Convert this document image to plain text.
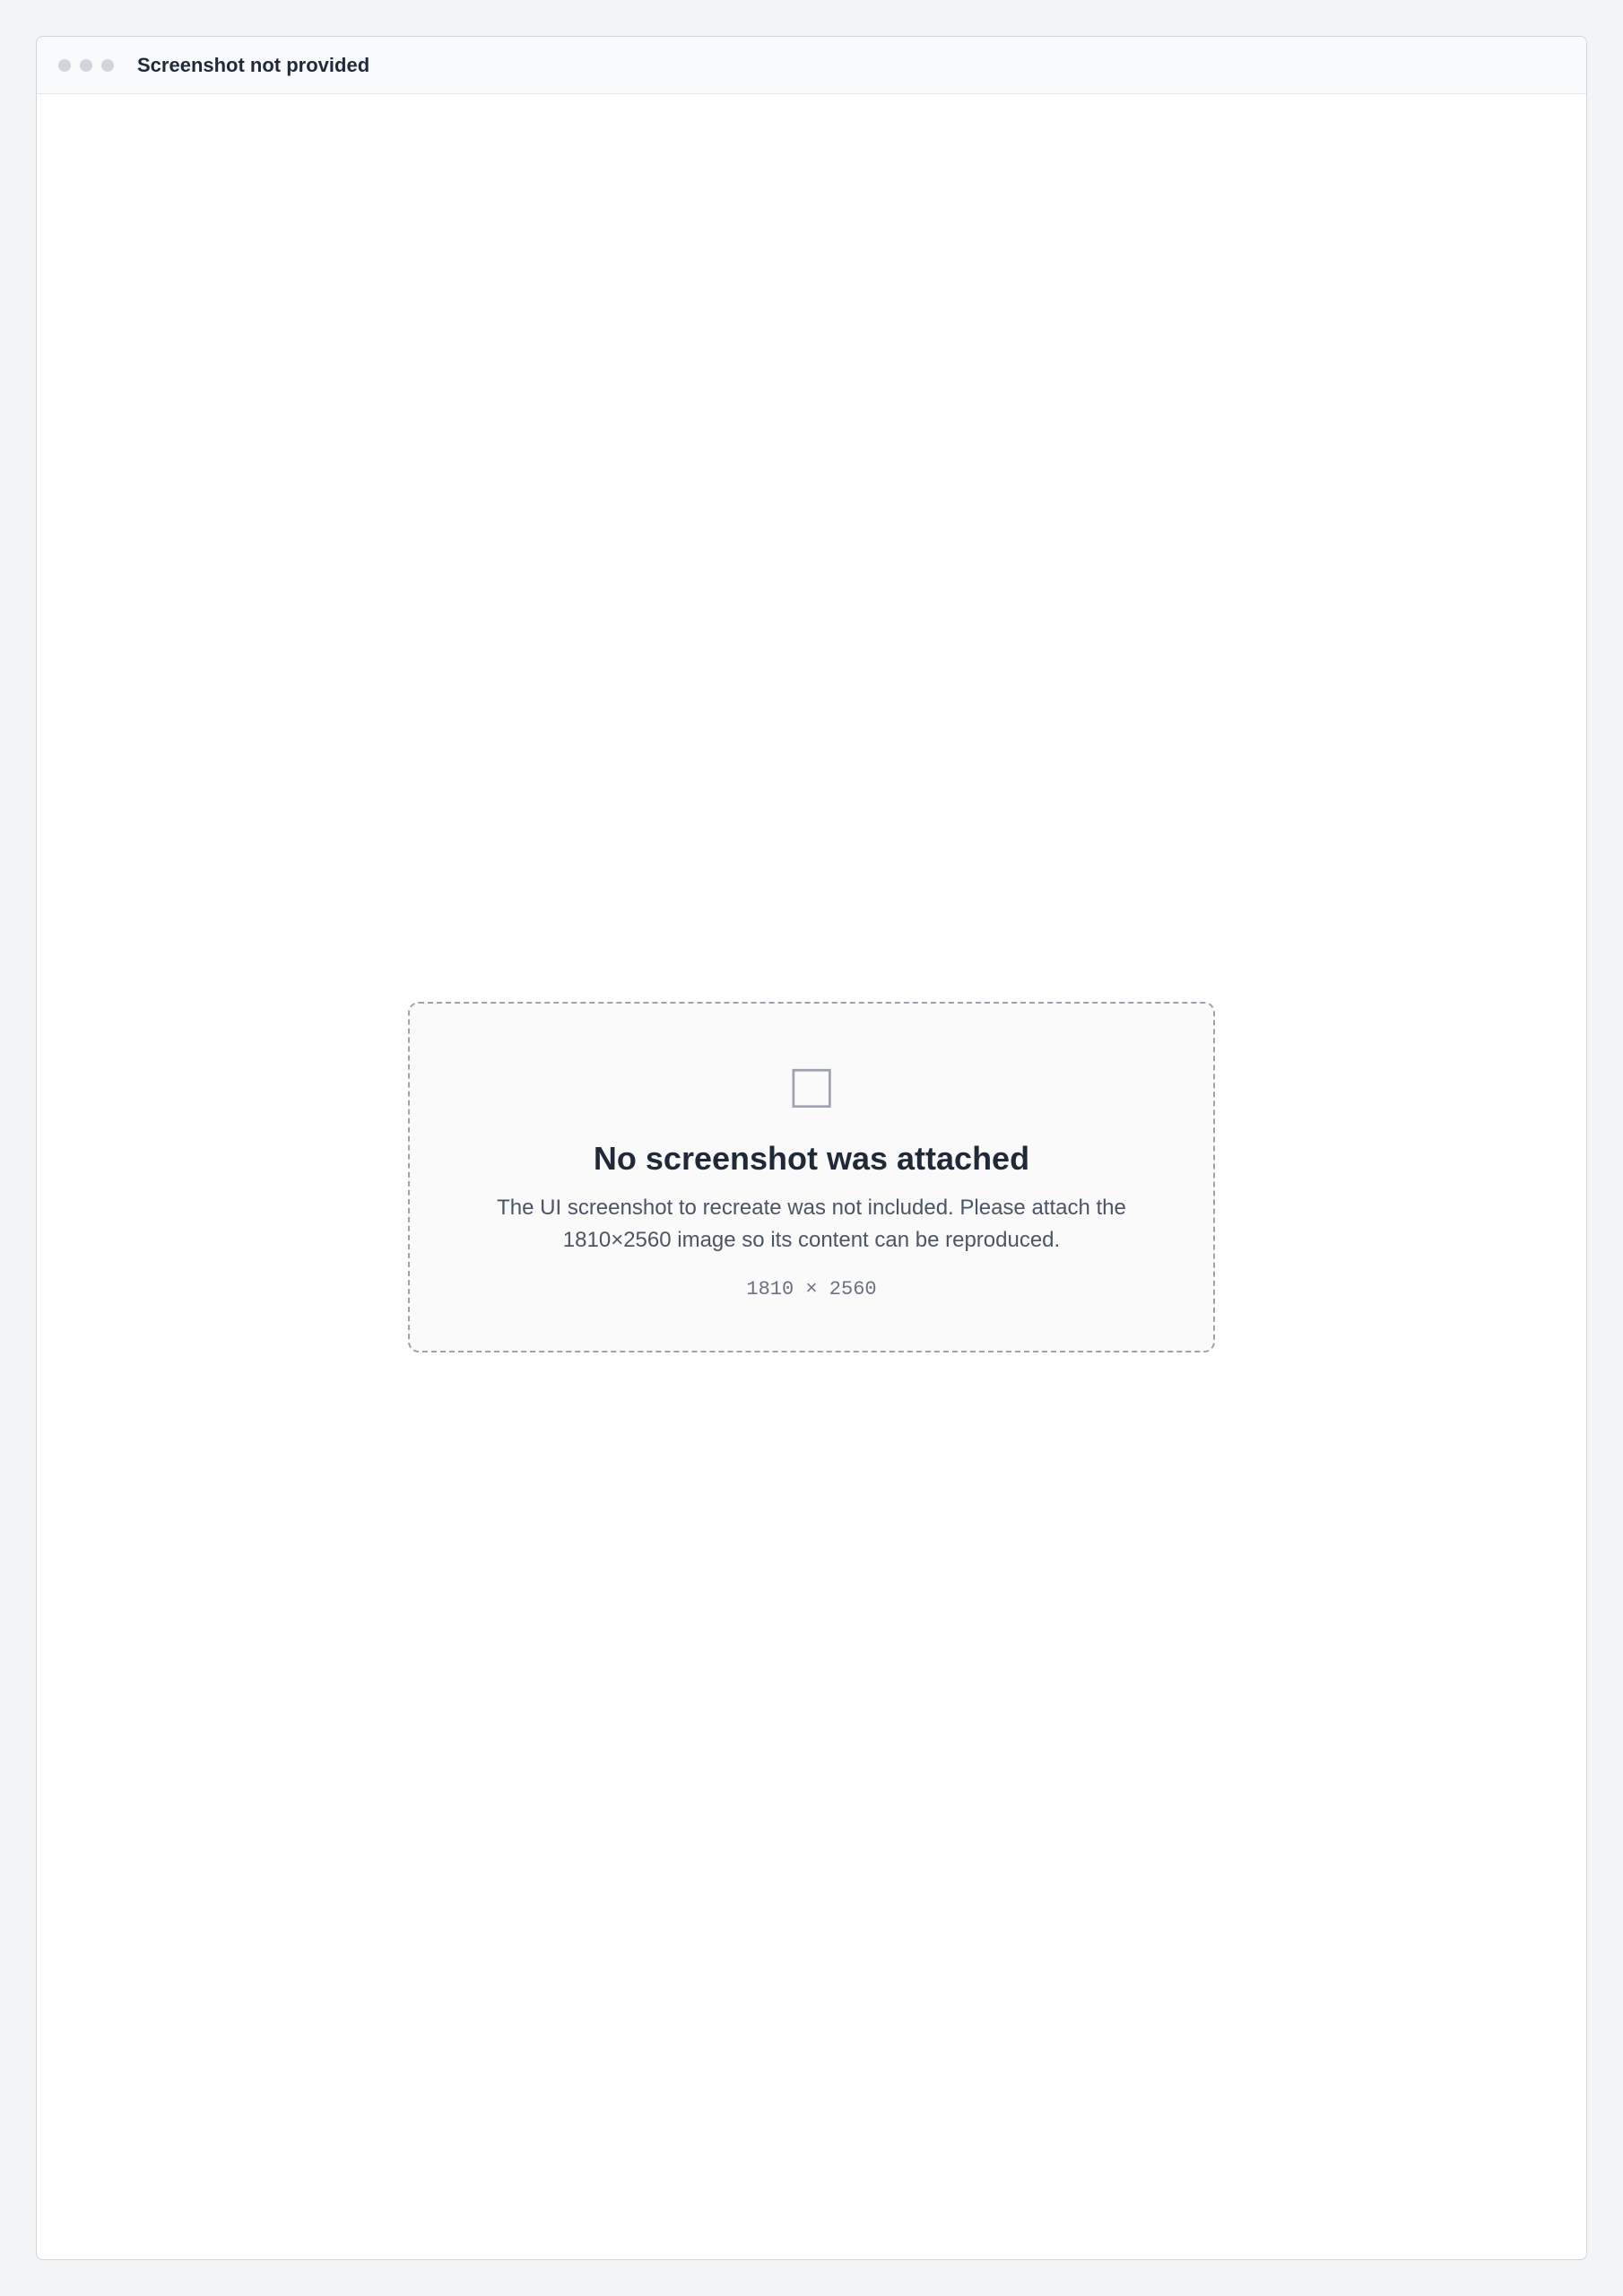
Screenshot not provided
□
No screenshot was attached
The UI screenshot to recreate was not included. Please attach the 1810×2560 image so its content can be reproduced.
1810 × 2560
